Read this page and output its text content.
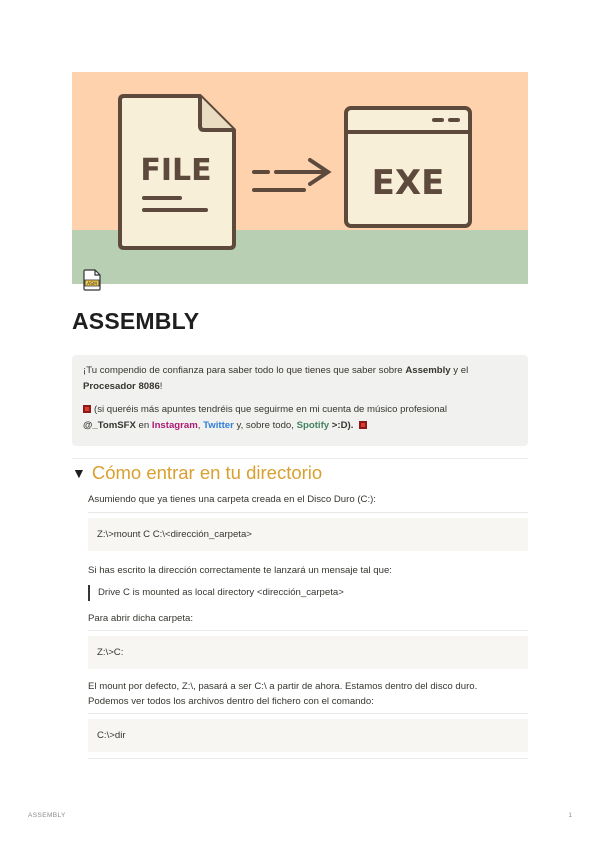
FILE	EXE
ASM
ASSEMBLY

¡Tu compendio de confianza para saber todo lo que tienes que saber sobre Assembly y el

Procesador 8086!

(si queréis más apuntes tendréis que seguirme en mi cuenta de músico profesional

@_TomSFX en Instagram, Twitter y, sobre todo, Spotify >:D).

▼ Cómo entrar en tu directorio

Asumiendo que ya tienes una carpeta creada en el Disco Duro (C:):

Z:\>mount C C:\<dirección_carpeta>

Si has escrito la dirección correctamente te lanzará un mensaje tal que:

Drive C is mounted as local directory <dirección_carpeta>

Para abrir dicha carpeta:

Z:\>C:

El mount por defecto, Z:\, pasará a ser C:\ a partir de ahora. Estamos dentro del disco duro.

Podemos ver todos los archivos dentro del fichero con el comando:

C:\>dir
ASSEMBLY	1
